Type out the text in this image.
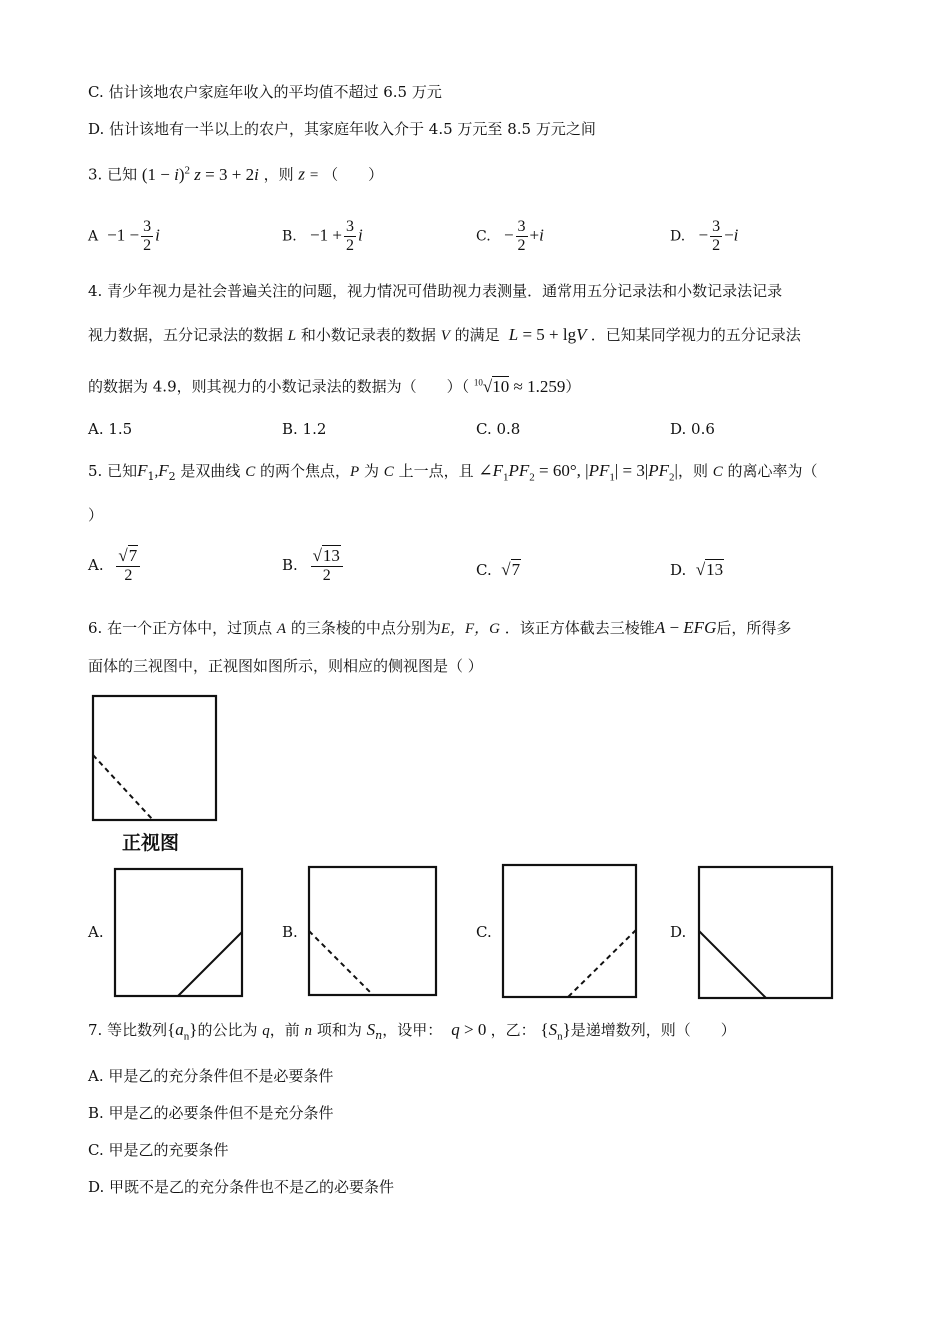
C. 估计该地农户家庭年收入的平均值不超过 6.5 万元
D. 估计该地有一半以上的农户，其家庭年收入介于 4.5 万元至 8.5 万元之间
3. 已知 $(1 - i)^2$ z = 3 + 2i ，则 z = （　　）
$A -1 - \frac{3}{2}$ i	B.   $-1 + \frac{3}{2}$ i	C.   − $\frac{3}{2} +i$	D.   − $\frac{3}{2} -i$
4. 青少年视力是社会普遍关注的问题，视力情况可借助视力表测量．通常用五分记录法和小数记录法记录
视力数据，五分记录法的数据 L 和小数记录表的数据 V 的满足 L = 5 + lgV ．已知某同学视力的五分记录法
的数据为 4.9，则其视力的小数记录法的数据为（　　）（ $^{10}$√10 ≈ 1.259）
A. 1.5	B. 1.2	C. 0.8	D. 0.6
5. 已知$F_1,F_2$ 是双曲线 C 的两个焦点，P 为 C 上一点，且 $\angle F_1PF_2 = 60^\circ$, $|PF_1| = 3|PF_2|$，则 C 的离心率为（
）
A. $\frac{√7}{2}$	B. $\frac{√13}{2}$	C. √7	D. √13
6. 在一个正方体中，过顶点 A 的三条棱的中点分别为E，F，G ．该正方体截去三棱锥A − EFG后，所得多
面体的三视图中，正视图如图所示，则相应的侧视图是（ ）
正视图
A.	B.	C.	D.
7. 等比数列$\{a_n\}$的公比为 q，前 n 项和为 $S_n$，设甲： q > 0 ，乙： $\{S_n\}$是递增数列，则（　　）
A. 甲是乙的充分条件但不是必要条件
B. 甲是乙的必要条件但不是充分条件
C. 甲是乙的充要条件
D. 甲既不是乙的充分条件也不是乙的必要条件
